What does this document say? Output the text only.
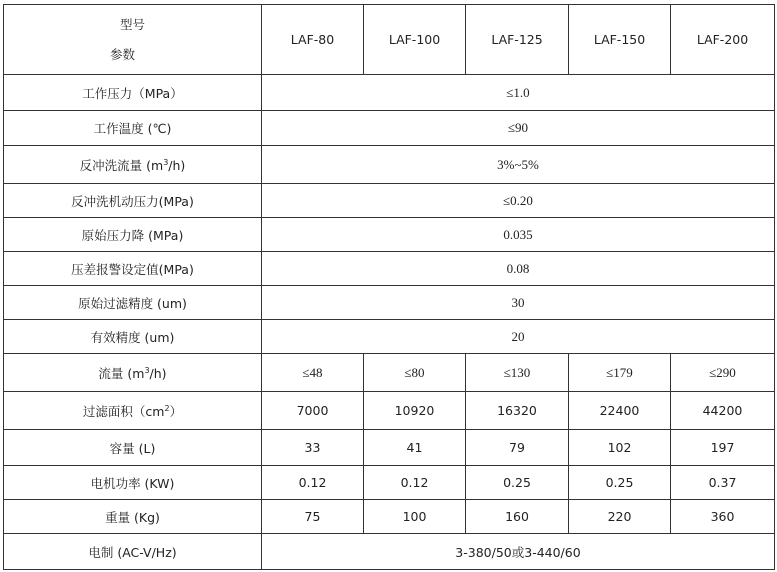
型号
参数	LAF-80	LAF-100	LAF-125	LAF-150	LAF-200
工作压力（MPa）	≤1.0				
工作温度 (℃)	≤90				
反冲洗流量 $(m^3/h)$	3%~5%				
反冲洗机动压力(MPa)	≤0.20				
原始压力降 (MPa)	0.035				
压差报警设定值(MPa)	0.08				
原始过滤精度 (um)	30				
有效精度 (um)	20				
流量 $(m^3/h)$	≤48	≤80	≤130	≤179	≤290
过滤面积$(cm^2)$	7000	10920	16320	22400	44200
容量 (L)	33	41	79	102	197
电机功率 (KW)	0.12	0.12	0.25	0.25	0.37
重量 (Kg)	75	100	160	220	360
电制 (AC-V/Hz)	3-380/50或3-440/60				
